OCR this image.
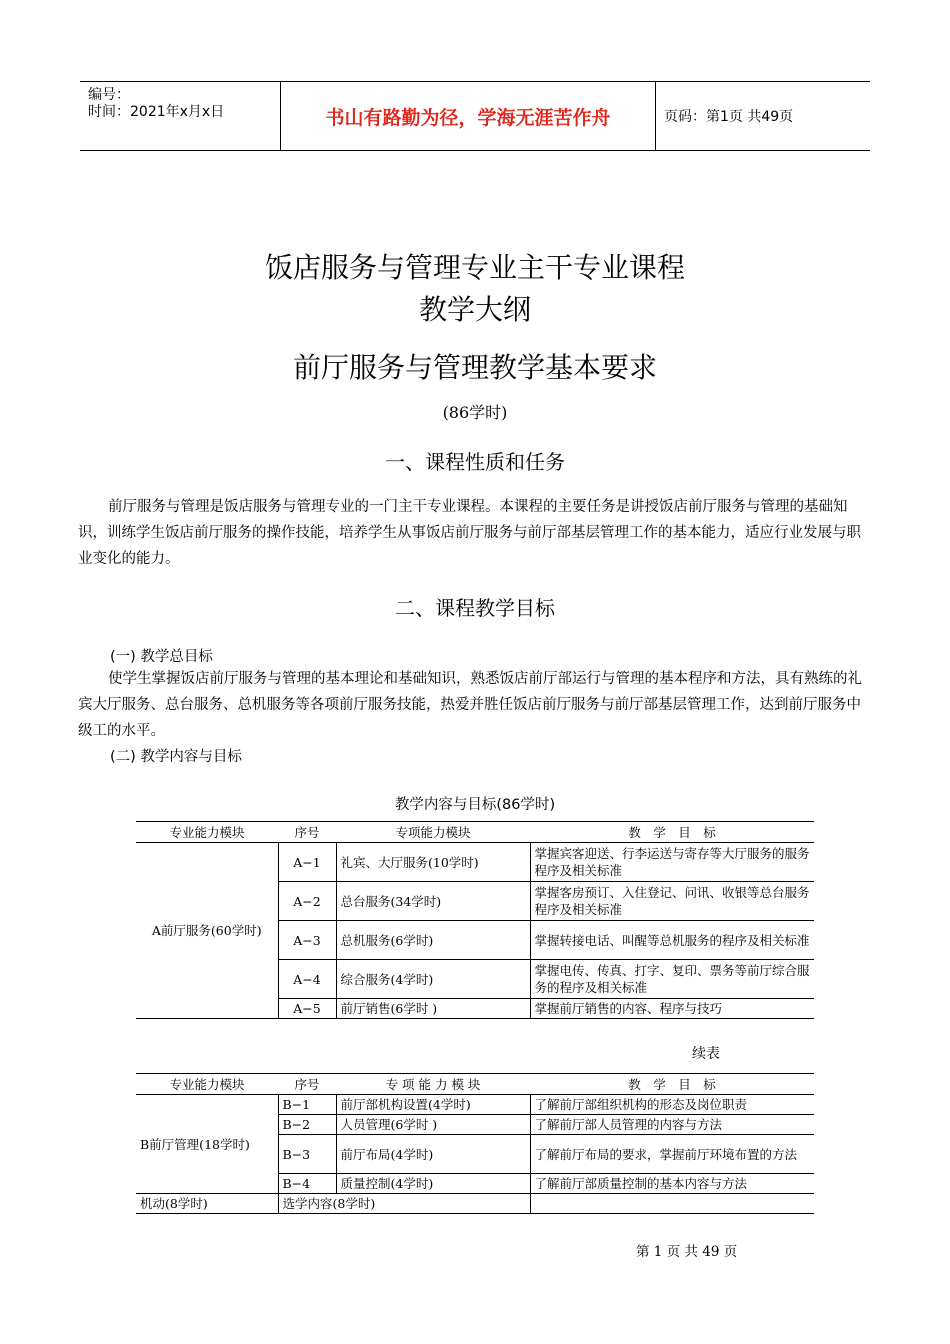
编号：
时间：2021年x月x日	书山有路勤为径，学海无涯苦作舟	页码：第1页 共49页
饭店服务与管理专业主干专业课程
教学大纲
前厅服务与管理教学基本要求
(86学时)
一、课程性质和任务
前厅服务与管理是饭店服务与管理专业的一门主干专业课程。本课程的主要任务是讲授饭店前厅服务与管理的基础知识，训练学生饭店前厅服务的操作技能，培养学生从事饭店前厅服务与前厅部基层管理工作的基本能力，适应行业发展与职业变化的能力。
二、课程教学目标
(一) 教学总目标
使学生掌握饭店前厅服务与管理的基本理论和基础知识，熟悉饭店前厅部运行与管理的基本程序和方法，具有熟练的礼宾大厅服务、总台服务、总机服务等各项前厅服务技能，热爱并胜任饭店前厅服务与前厅部基层管理工作，达到前厅服务中级工的水平。
(二) 教学内容与目标
教学内容与目标(86学时)
专业能力模块	序号	专项能力模块	教　学　目　标
A前厅服务(60学时)	A−1	礼宾、大厅服务(10学时)	掌握宾客迎送、行李运送与寄存等大厅服务的服务程序及相关标准
	A−2	总台服务(34学时)	掌握客房预订、入住登记、问讯、收银等总台服务程序及相关标准
	A−3	总机服务(6学时)	掌握转接电话、叫醒等总机服务的程序及相关标准
	A−4	综合服务(4学时)	掌握电传、传真、打字、复印、票务等前厅综合服务的程序及相关标准
	A−5	前厅销售(6学时 )	掌握前厅销售的内容、程序与技巧
续表
专业能力模块	序号	专 项 能 力 模 块	教　学　目　标
B前厅管理(18学时)	B−1	前厅部机构设置(4学时)	了解前厅部组织机构的形态及岗位职责
	B−2	人员管理(6学时 )	了解前厅部人员管理的内容与方法
	B−3	前厅布局(4学时)	了解前厅布局的要求，掌握前厅环境布置的方法
	B−4	质量控制(4学时)	了解前厅部质量控制的基本内容与方法
机动(8学时)	选学内容(8学时)		
第 1 页 共 49 页
